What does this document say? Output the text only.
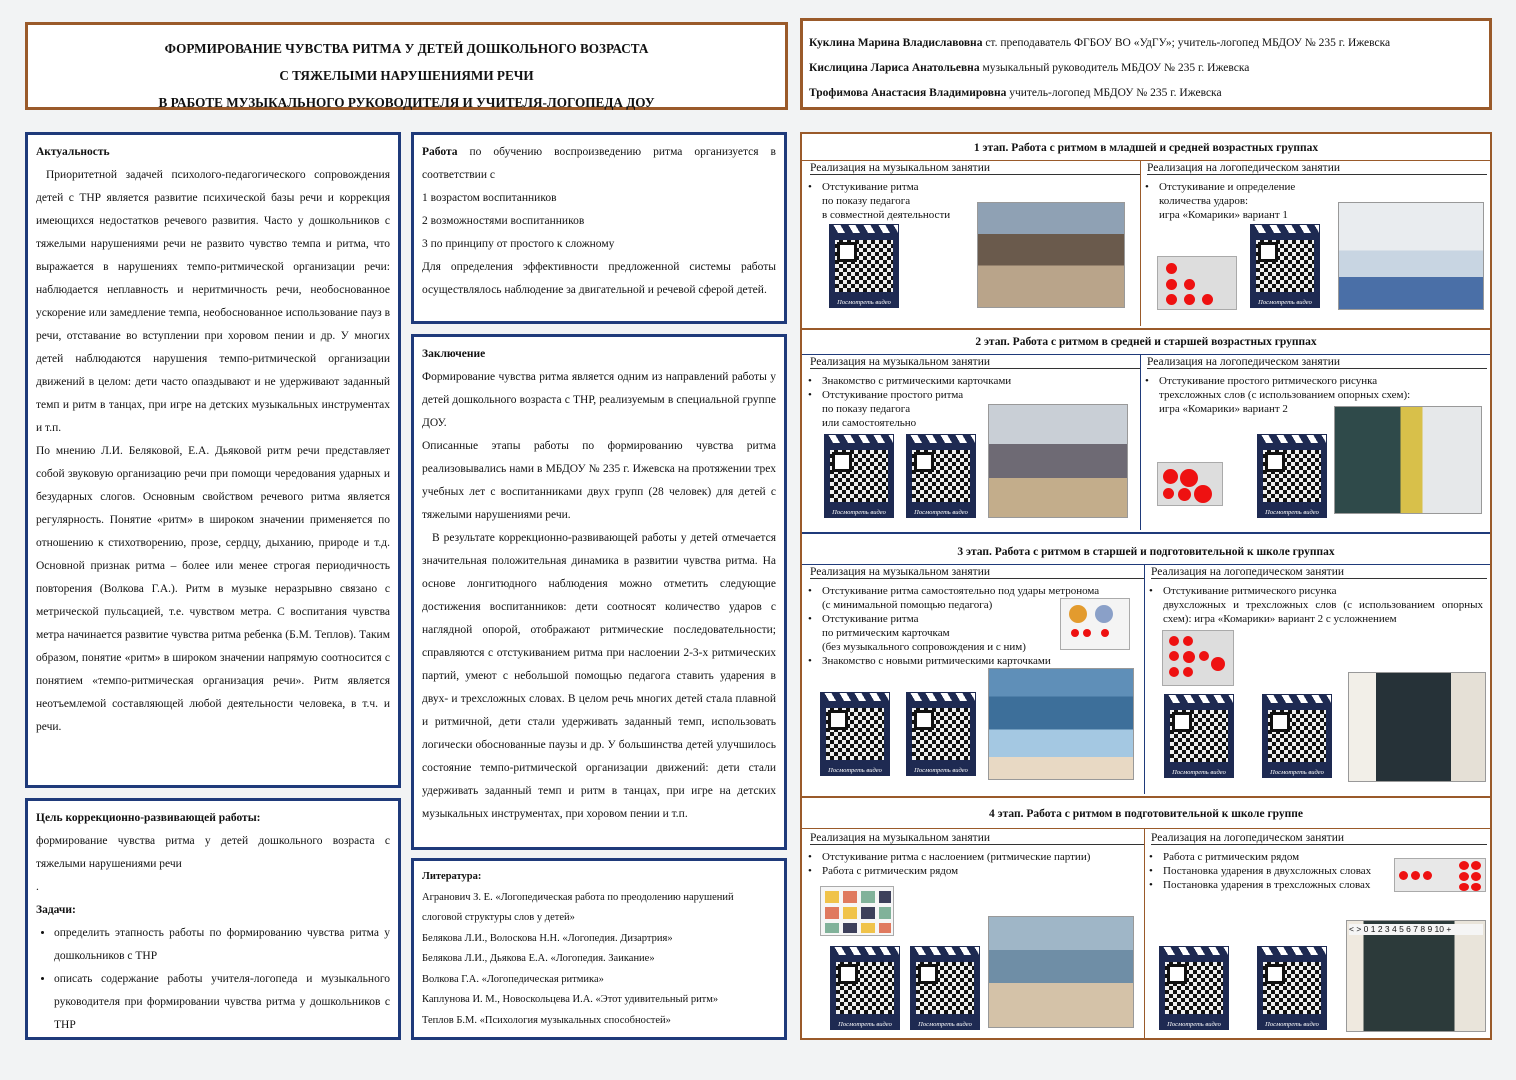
ФОРМИРОВАНИЕ ЧУВСТВА РИТМА У ДЕТЕЙ ДОШКОЛЬНОГО ВОЗРАСТА
С ТЯЖЕЛЫМИ НАРУШЕНИЯМИ РЕЧИ
В РАБОТЕ МУЗЫКАЛЬНОГО РУКОВОДИТЕЛЯ И УЧИТЕЛЯ-ЛОГОПЕДА ДОУ
Куклина Марина Владиславовна ст. преподаватель ФГБОУ ВО «УдГУ»; учитель-логопед МБДОУ № 235 г. Ижевска
Кислицина Лариса Анатольевна музыкальный руководитель МБДОУ № 235 г. Ижевска
Трофимова Анастасия Владимировна учитель-логопед МБДОУ № 235 г. Ижевска

Актуальность

Приоритетной задачей психолого-педагогического сопровождения детей с ТНР является развитие психической базы речи и коррекция имеющихся недостатков речевого развития. Часто у дошкольников с тяжелыми нарушениями речи не развито чувство темпа и ритма, что выражается в нарушениях темпо-ритмической организации речи: наблюдается неплавность и неритмичность речи, необоснованное ускорение или замедление темпа, необоснованное использование пауз в речи, отставание во вступлении при хоровом пении и др. У многих детей наблюдаются нарушения темпо-ритмической организации движений в целом: дети часто опаздывают и не удерживают заданный темп и ритм в танцах, при игре на детских музыкальных инструментах и т.п.

По мнению Л.И. Беляковой, Е.А. Дьяковой ритм речи представляет собой звуковую организацию речи при помощи чередования ударных и безударных слогов. Основным свойством речевого ритма является регулярность. Понятие «ритм» в широком значении применяется по отношению к стихотворению, прозе, сердцу, дыханию, природе и т.д. Основной признак ритма – более или менее строгая периодичность повторения (Волкова Г.А.). Ритм в музыке неразрывно связано с метрической пульсацией, т.е. чувством метра. С воспитания чувства метра начинается развитие чувства ритма ребенка (Б.М. Теплов). Таким образом, понятие «ритм» в широком значении напрямую соотносится с понятием «темпо-ритмическая организация речи». Ритм является неотъемлемой составляющей любой деятельности человека, в т.ч. и речи.

Цель коррекционно-развивающей работы:

формирование чувства ритма у детей дошкольного возраста с тяжелыми нарушениями речи

.

Задачи:

• определить этапность работы по формированию чувства ритма у дошкольников с ТНР
• описать содержание работы учителя-логопеда и музыкального руководителя при формировании чувства ритма у дошкольников с ТНР

Работа по обучению воспроизведению ритма организуется в соответствии с

1 возрастом воспитанников

2 возможностями воспитанников

3 по принципу от простого к сложному

Для определения эффективности предложенной системы работы осуществлялось наблюдение за двигательной и речевой сферой детей.

Заключение

Формирование чувства ритма является одним из направлений работы у детей дошкольного возраста с ТНР, реализуемым в специальной группе ДОУ.

Описанные этапы работы по формированию чувства ритма реализовывались нами в МБДОУ № 235 г. Ижевска на протяжении трех учебных лет с воспитанниками двух групп (28 человек) для детей с тяжелыми нарушениями речи.

В результате коррекционно-развивающей работы у детей отмечается значительная положительная динамика в развитии чувства ритма. На основе лонгитюдного наблюдения можно отметить следующие достижения воспитанников: дети соотносят количество ударов с наглядной опорой, отображают ритмические последовательности; справляются с отстукиванием ритма при наслоении 2-3-х ритмических партий, умеют с небольшой помощью педагога ставить ударения в двух- и трехсложных словах. В целом речь многих детей стала плавной и ритмичной, дети стали удерживать заданный темп, использовать логически обоснованные паузы и др. У большинства детей улучшилось состояние темпо-ритмической организации движений: дети стали удерживать заданный темп и ритм в танцах, при игре на детских музыкальных инструментах, при хоровом пении и т.п.

Литература:
Агранович З. Е. «Логопедическая работа по преодолению нарушений слоговой структуры слов у детей»
Белякова Л.И., Волоскова Н.Н. «Логопедия. Дизартрия»
Белякова Л.И., Дьякова Е.А. «Логопедия. Заикание»
Волкова Г.А. «Логопедическая ритмика»
Каплунова И. М., Новоскольцева И.А. «Этот удивительный ритм»
Теплов Б.М. «Психология музыкальных способностей»
1 этап. Работа с ритмом в младшей и средней возрастных группах
Реализация на музыкальном занятии	Реализация на логопедическом занятии
• Отстукивание ритма
по показу педагога
в совместной деятельности
• Отстукивание и определение
количества ударов:
игра «Комарики» вариант 1
Посмотреть видео	Посмотреть видео
2 этап. Работа с ритмом в средней и старшей возрастных группах
Реализация на музыкальном занятии	Реализация на логопедическом занятии
• Знакомство с ритмическими карточками
• Отстукивание простого ритма
по показу педагога
или самостоятельно
• Отстукивание простого ритмического рисунка
трехсложных слов (с использованием опорных схем):
игра «Комарики» вариант 2
Посмотреть видео	Посмотреть видео	Посмотреть видео
3 этап. Работа с ритмом в старшей и подготовительной к школе группах
Реализация на музыкальном занятии	Реализация на логопедическом занятии
• Отстукивание ритма самостоятельно под удары метронома
(с минимальной помощью педагога)
• Отстукивание ритма
по ритмическим карточкам
(без музыкального сопровождения и с ним)
• Знакомство с новыми ритмическими карточками
• Отстукивание ритмического рисунка
двухсложных и трехсложных слов (с использованием опорных схем): игра «Комарики» вариант 2 с усложнением
Посмотреть видео	Посмотреть видео	Посмотреть видео	Посмотреть видео
4 этап. Работа с ритмом в подготовительной к школе группе
Реализация на музыкальном занятии	Реализация на логопедическом занятии
• Отстукивание ритма с наслоением (ритмические партии)
• Работа с ритмическим рядом
• Работа с ритмическим рядом
• Постановка ударения в двухсложных словах
• Постановка ударения в трехсложных словах
Посмотреть видео	Посмотреть видео	Посмотреть видео	Посмотреть видео
< > 0 1 2 3 4 5 6 7 8 9 10 +
